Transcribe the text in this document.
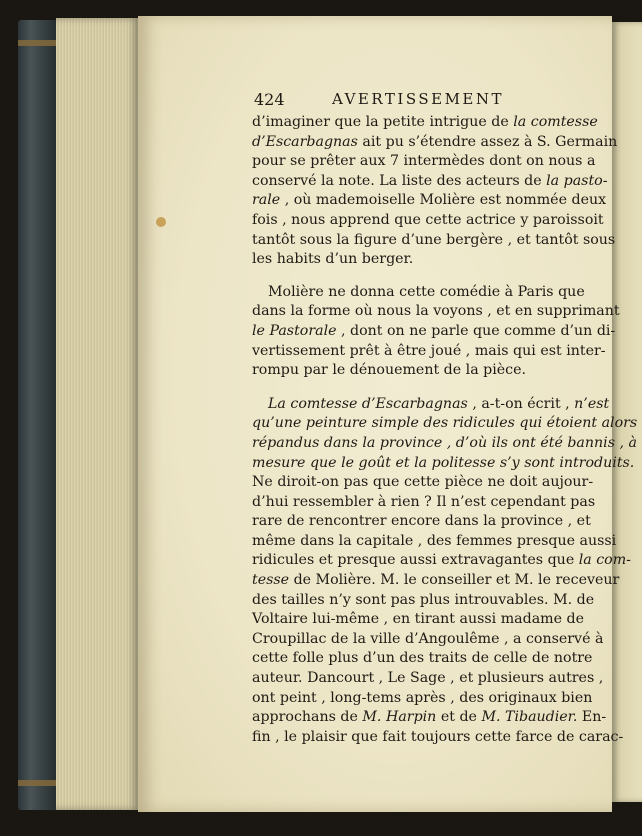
424	AVERTISSEMENT
d’imaginer que la petite intrigue de la comtesse
d’Escarbagnas ait pu s’étendre assez à S. Germain
pour se prêter aux 7 intermèdes dont on nous a
conservé la note. La liste des acteurs de la pasto-
rale , où mademoiselle Molière est nommée deux
fois , nous apprend que cette actrice y paroissoit
tantôt sous la figure d’une bergère , et tantôt sous
les habits d’un berger.
Molière ne donna cette comédie à Paris que
dans la forme où nous la voyons , et en supprimant
le Pastorale , dont on ne parle que comme d’un di-
vertissement prêt à être joué , mais qui est inter-
rompu par le dénouement de la pièce.
La comtesse d’Escarbagnas , a-t-on écrit , n’est
qu’une peinture simple des ridicules qui étoient alors
répandus dans la province , d’où ils ont été bannis , à
mesure que le goût et la politesse s’y sont introduits.
Ne diroit-on pas que cette pièce ne doit aujour-
d’hui ressembler à rien ? Il n’est cependant pas
rare de rencontrer encore dans la province , et
même dans la capitale , des femmes presque aussi
ridicules et presque aussi extravagantes que la com-
tesse de Molière. M. le conseiller et M. le receveur
des tailles n’y sont pas plus introuvables. M. de
Voltaire lui-même , en tirant aussi madame de
Croupillac de la ville d’Angoulême , a conservé à
cette folle plus d’un des traits de celle de notre
auteur. Dancourt , Le Sage , et plusieurs autres ,
ont peint , long-tems après , des originaux bien
approchans de M. Harpin et de M. Tibaudier. En-
fin , le plaisir que fait toujours cette farce de carac-
